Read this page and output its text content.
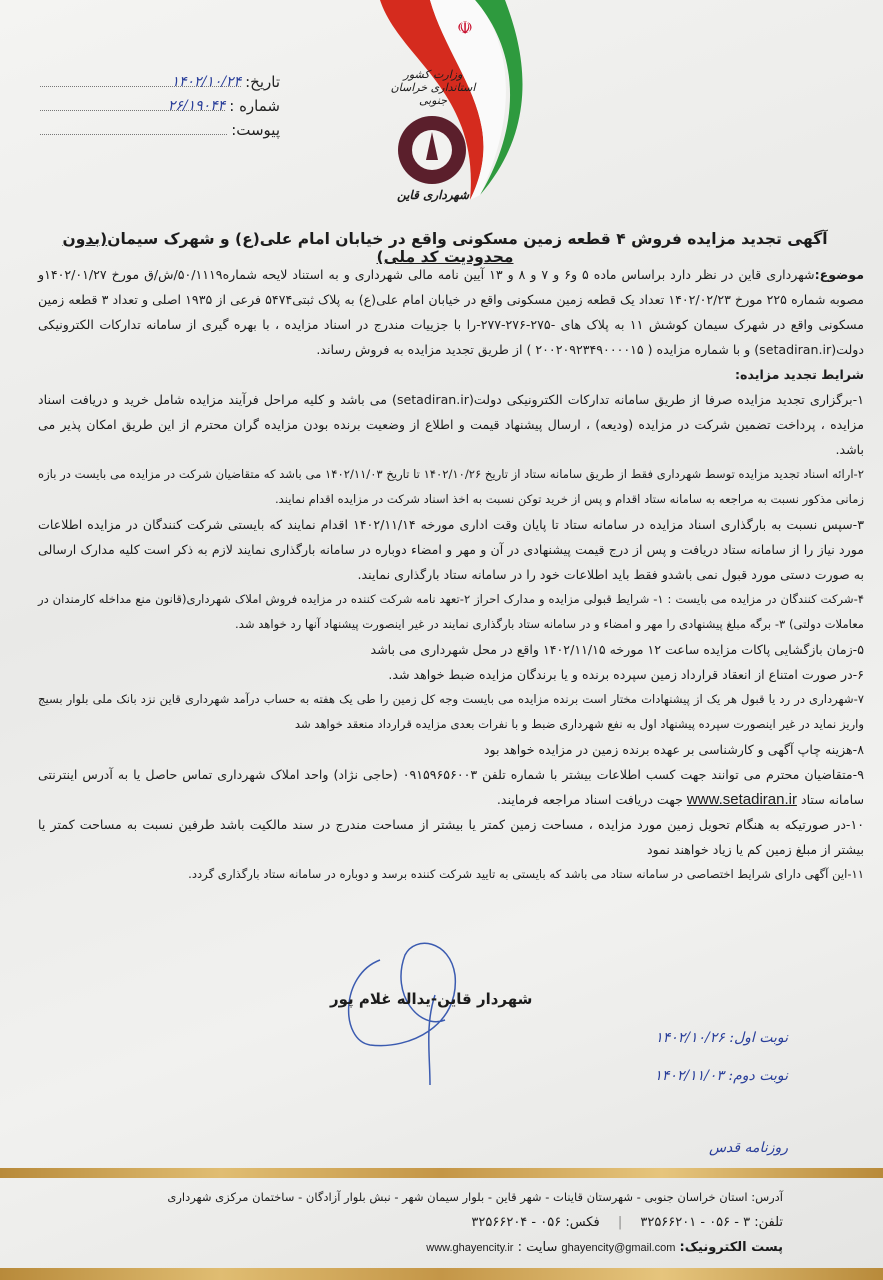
☫
وزارت کشور
استانداری خراسان جنوبی
شهرداری قاین
تاریخ:
۱۴۰۲/۱۰/۲۴
شماره :
۲۶/۱۹۰۴۴
پیوست:
آگهی تجدید مزایده فروش ۴ قطعه زمین مسکونی واقع در خیابان امام علی(ع) و شهرک سیمان(بدون محدودیت کد ملی)

موضوع:شهرداری قاین در نظر دارد براساس ماده ۵ و۶ و ۷ و ۸ و ۱۳ آیین نامه مالی شهرداری و به استناد لایحه شماره۵۰/۱۱۱۹/ش/ق مورخ ۱۴۰۲/۰۱/۲۷و مصوبه شماره ۲۲۵ مورخ ۱۴۰۲/۰۲/۲۳ تعداد یک قطعه زمین مسکونی واقع در خیابان امام علی(ع) به پلاک ثبتی۵۴۷۴ فرعی از ۱۹۳۵ اصلی و تعداد ۳ قطعه زمین مسکونی واقع در شهرک سیمان کوشش ۱۱ به پلاک های -۲۷۵-۲۷۶-۲۷۷-را با جزییات مندرج در اسناد مزایده ، با بهره گیری از سامانه تدارکات الکترونیکی دولت(setadiran.ir) و با شماره مزایده ( ۲۰۰۲۰۹۲۳۴۹۰۰۰۰۱۵ ) از طریق تجدید مزایده به فروش رساند.

شرایط تجدید مزایده:

۱-برگزاری تجدید مزایده صرفا از طریق سامانه تدارکات الکترونیکی دولت(setadiran.ir) می باشد و کلیه مراحل فرآیند مزایده شامل خرید و دریافت اسناد مزایده ، پرداخت تضمین شرکت در مزایده (ودیعه) ، ارسال پیشنهاد قیمت و اطلاع از وضعیت برنده بودن مزایده گران محترم از این طریق امکان پذیر می باشد.

۲-ارائه اسناد تجدید مزایده توسط شهرداری فقط از طریق سامانه ستاد از تاریخ ۱۴۰۲/۱۰/۲۶ تا تاریخ ۱۴۰۲/۱۱/۰۳ می باشد که متقاضیان شرکت در مزایده می بایست در بازه زمانی مذکور نسبت به مراجعه به سامانه ستاد اقدام و پس از خرید توکن نسبت به اخذ اسناد شرکت در مزایده اقدام نمایند.

۳-سپس نسبت به بارگذاری اسناد مزایده در سامانه ستاد تا پایان وقت اداری مورخه ۱۴۰۲/۱۱/۱۴ اقدام نمایند که بایستی شرکت کنندگان در مزایده اطلاعات مورد نیاز را از سامانه ستاد دریافت و پس از درج قیمت پیشنهادی در آن و مهر و امضاء دوباره در سامانه بارگذاری نمایند لازم به ذکر است کلیه مدارک ارسالی به صورت دستی مورد قبول نمی باشدو فقط باید اطلاعات خود را در سامانه ستاد بارگذاری نمایند.

۴-شرکت کنندگان در مزایده می بایست : ۱- شرایط قبولی مزایده و مدارک احراز ۲-تعهد نامه شرکت کننده در مزایده فروش املاک شهرداری(قانون منع مداخله کارمندان در معاملات دولتی) ۳- برگه مبلغ پیشنهادی را مهر و امضاء و در سامانه ستاد بارگذاری نمایند در غیر اینصورت پیشنهاد آنها رد خواهد شد.

۵-زمان بازگشایی پاکات مزایده ساعت ۱۲ مورخه ۱۴۰۲/۱۱/۱۵ واقع در محل شهرداری می باشد

۶-در صورت امتناع از انعقاد قرارداد زمین سپرده برنده و یا برندگان مزایده ضبط خواهد شد.

۷-شهرداری در رد یا قبول هر یک از پیشنهادات مختار است برنده مزایده می بایست وجه کل زمین را طی یک هفته به حساب درآمد شهرداری قاین نزد بانک ملی بلوار بسیج واریز نماید در غیر اینصورت سپرده پیشنهاد اول به نفع شهرداری ضبط و با نفرات بعدی مزایده قرارداد منعقد خواهد شد

۸-هزینه چاپ آگهی و کارشناسی بر عهده برنده زمین در مزایده خواهد بود

۹-متقاضیان محترم می توانند جهت کسب اطلاعات بیشتر با شماره تلفن ۰۹۱۵۹۶۵۶۰۰۳ (حاجی نژاد) واحد املاک شهرداری تماس حاصل یا به آدرس اینترنتی سامانه ستاد www.setadiran.ir جهت دریافت اسناد مراجعه فرمایند.

۱۰-در صورتیکه به هنگام تحویل زمین مورد مزایده ، مساحت زمین کمتر یا بیشتر از مساحت مندرج در سند مالکیت باشد طرفین نسبت به مساحت کمتر یا بیشتر از مبلغ زمین کم یا زیاد خواهند نمود

۱۱-این آگهی دارای شرایط اختصاصی در سامانه ستاد می باشد که بایستی به تایید شرکت کننده برسد و دوباره در سامانه ستاد بارگذاری گردد.

شهردار قاین-یداله غلام پور
نوبت اول: ۱۴۰۲/۱۰/۲۶
نوبت دوم: ۱۴۰۲/۱۱/۰۳
روزنامه قدس
آدرس: استان خراسان جنوبی - شهرستان قاینات - شهر قاین - بلوار سیمان شهر - نبش بلوار آزادگان - ساختمان مرکزی شهرداری
تلفن: ۳ - ۰۵۶ - ۳۲۵۶۶۲۰۱ | فکس: ۰۵۶ - ۳۲۵۶۶۲۰۴
پست الکترونیک: ghayencity@gmail.com سایت : www.ghayencity.ir
